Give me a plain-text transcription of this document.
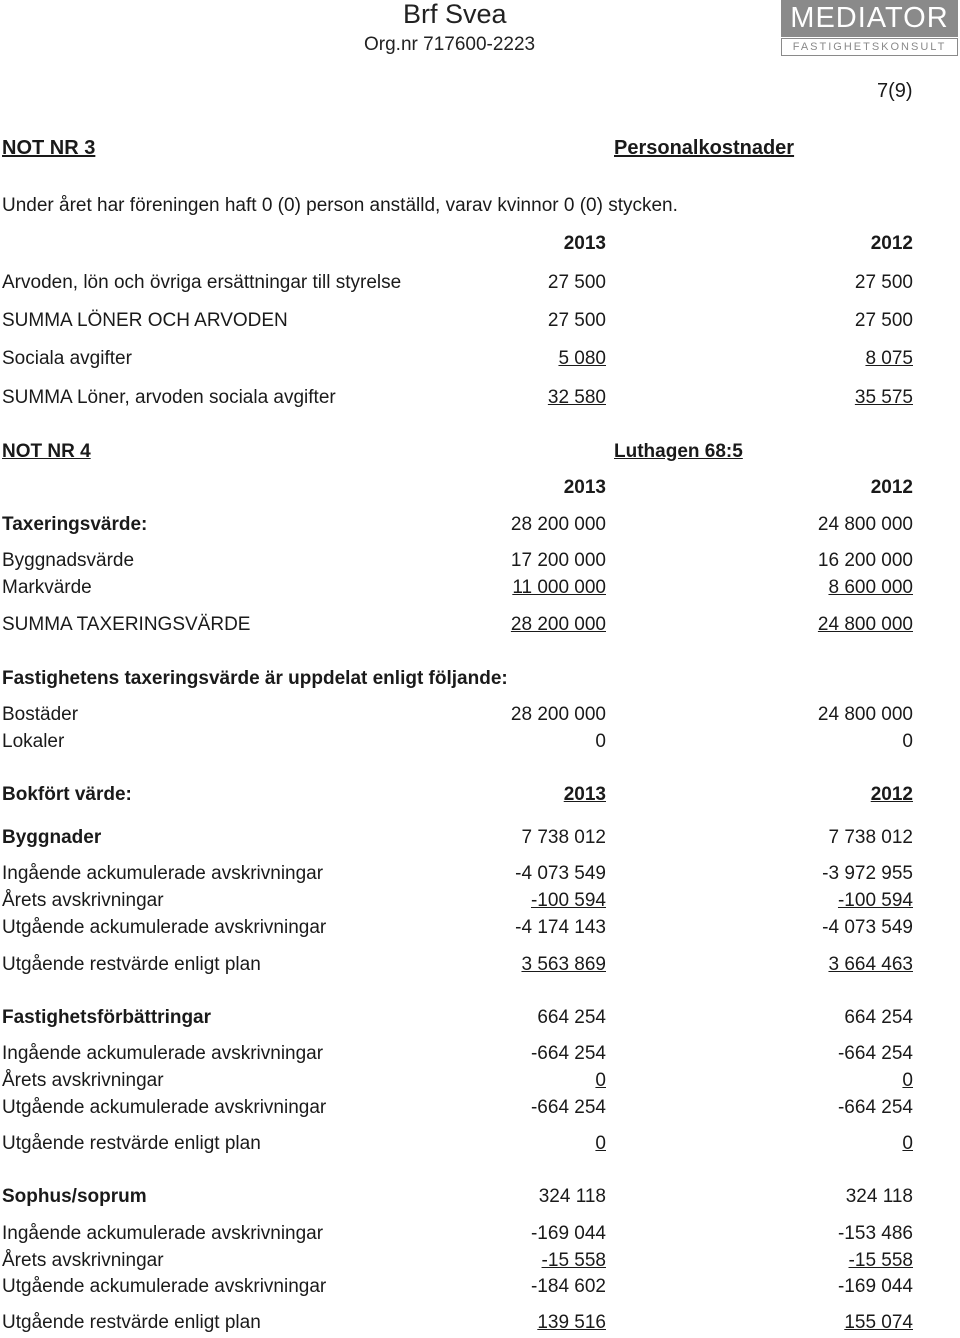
Brf Svea
Org.nr 717600-2223
MEDIATOR
FASTIGHETSKONSULT
7(9)
NOT NR 3	Personalkostnader
Under året har föreningen haft 0 (0) person anställd, varav kvinnor 0 (0) stycken.
2013	2012
Arvoden, lön och övriga ersättningar till styrelse	27 500	27 500
SUMMA LÖNER OCH ARVODEN	27 500	27 500
Sociala avgifter	5 080	8 075
SUMMA Löner, arvoden sociala avgifter	32 580	35 575
NOT NR 4	Luthagen 68:5
2013	2012
Taxeringsvärde:	28 200 000	24 800 000
Byggnadsvärde	17 200 000	16 200 000
Markvärde	11 000 000	8 600 000
SUMMA TAXERINGSVÄRDE	28 200 000	24 800 000
Fastighetens taxeringsvärde är uppdelat enligt följande:
Bostäder	28 200 000	24 800 000
Lokaler	0	0
Bokfört värde:	2013	2012
Byggnader	7 738 012	7 738 012
Ingående ackumulerade avskrivningar	-4 073 549	-3 972 955
Årets avskrivningar	-100 594	-100 594
Utgående ackumulerade avskrivningar	-4 174 143	-4 073 549
Utgående restvärde enligt plan	3 563 869	3 664 463
Fastighetsförbättringar	664 254	664 254
Ingående ackumulerade avskrivningar	-664 254	-664 254
Årets avskrivningar	0	0
Utgående ackumulerade avskrivningar	-664 254	-664 254
Utgående restvärde enligt plan	0	0
Sophus/soprum	324 118	324 118
Ingående ackumulerade avskrivningar	-169 044	-153 486
Årets avskrivningar	-15 558	-15 558
Utgående ackumulerade avskrivningar	-184 602	-169 044
Utgående restvärde enligt plan	139 516	155 074
